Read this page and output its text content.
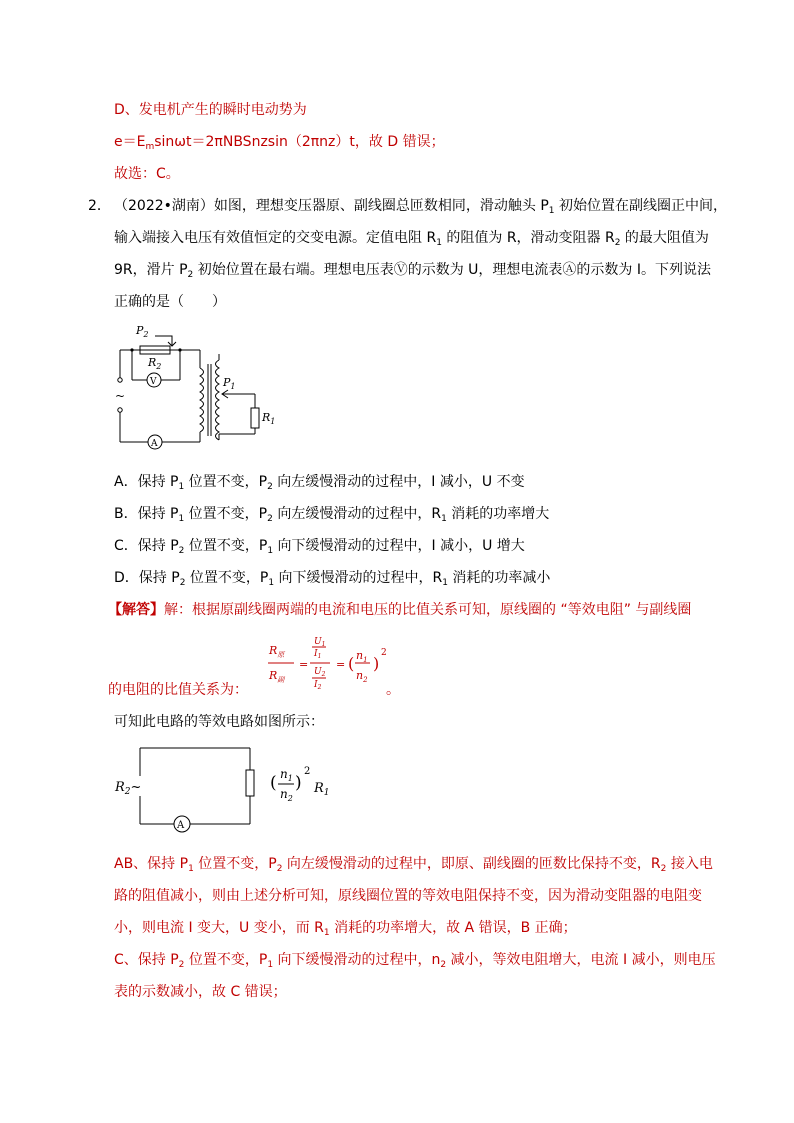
D、发电机产生的瞬时电动势为
$e=E_m\sin\omega t=2\pi NBSnzsin(2\pi nz)t$，故 D 错误；
故选：C。
2． （2022•湖南）如图，理想变压器原、副线圈总匝数相同，滑动触头 $P_1$ 初始位置在副线圈正中间，
输入端接入电压有效值恒定的交变电源。定值电阻 $R_1$ 的阻值为 R，滑动变阻器 $R_2$ 的最大阻值为
9R，滑片 $P_2$ 初始位置在最右端。理想电压表Ⓥ的示数为 U，理想电流表Ⓐ的示数为 I。下列说法
正确的是（　　）
$P_2$
$R_2$
$P_1$
$R_1$
V
A
~
A．保持 $P_1$ 位置不变，$P_2$ 向左缓慢滑动的过程中，I 减小，U 不变
B．保持 $P_1$ 位置不变，$P_2$ 向左缓慢滑动的过程中，$R_1$ 消耗的功率增大
C．保持 $P_2$ 位置不变，$P_1$ 向下缓慢滑动的过程中，I 减小，U 增大
D．保持 $P_2$ 位置不变，$P_1$ 向下缓慢滑动的过程中，$R_1$ 消耗的功率减小
【解答】解：根据原副线圈两端的电流和电压的比值关系可知，原线圈的 “等效电阻” 与副线圈
$R_原$
$R_副$
=
$U_1$
$I_1$
$U_2$
$I_2$
= ( $n_1$
$n_2$
)
2
的电阻的比值关系为：	。
可知此电路的等效电路如图所示：
$R_2\sim$	( $n_1$
$n_2$
)
2
$R_1$
A
AB、保持 $P_1$ 位置不变，$P_2$ 向左缓慢滑动的过程中，即原、副线圈的匝数比保持不变，$R_2$ 接入电
路的阻值减小，则由上述分析可知，原线圈位置的等效电阻保持不变，因为滑动变阻器的电阻变
小，则电流 I 变大，U 变小，而 $R_1$ 消耗的功率增大，故 A 错误，B 正确；
C、保持 $P_2$ 位置不变，$P_1$ 向下缓慢滑动的过程中，$n_2$ 减小，等效电阻增大，电流 I 减小，则电压
表的示数减小，故 C 错误；
